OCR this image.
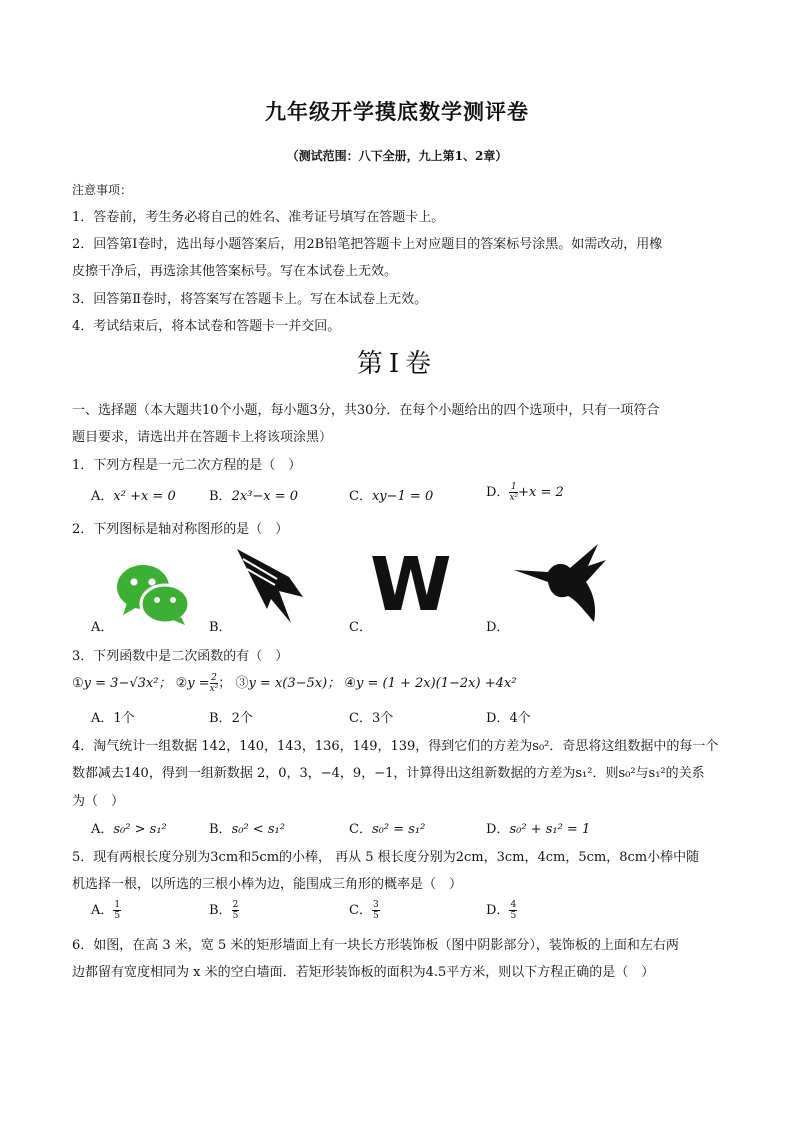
九年级开学摸底数学测评卷
（测试范围：八下全册，九上第1、2章）
注意事项：
1．答卷前，考生务必将自己的姓名、准考证号填写在答题卡上。
2．回答第Ⅰ卷时，选出每小题答案后，用2B铅笔把答题卡上对应题目的答案标号涂黑。如需改动，用橡
皮擦干净后，再选涂其他答案标号。写在本试卷上无效。
3．回答第Ⅱ卷时，将答案写在答题卡上。写在本试卷上无效。
4．考试结束后，将本试卷和答题卡一并交回。
第Ⅰ卷
一、选择题（本大题共10个小题，每小题3分，共30分．在每个小题给出的四个选项中，只有一项符合
题目要求，请选出并在答题卡上将该项涂黑）
1．下列方程是一元二次方程的是（　）
A．x² +x = 0	B．2x³−x = 0	C．xy−1 = 0	D． $\frac{1}{\text{x²}} +x = 2$
2．下列图标是轴对称图形的是（　）
W
A．	B．	C．	D．
3．下列函数中是二次函数的有（　）
①y = 3−√3x²； ②y = $\frac{2}{\text{x²}}$ ； ③y = x(3−5x)； ④y = (1 + 2x)(1−2x) +4x²
A．1个	B．2个	C．3个	D．4个
4．淘气统计一组数据 142，140，143，136，149，139，得到它们的方差为s₀²．奇思将这组数据中的每一个
数都减去140，得到一组新数据 2，0，3，−4，9，−1，计算得出这组新数据的方差为s₁²．则s₀²与s₁²的关系
为（　）
A．s₀² > s₁²	B．s₀² < s₁²	C．s₀² = s₁²	D．s₀² + s₁² = 1
5．现有两根长度分别为3cm和5cm的小棒， 再从 5 根长度分别为2cm，3cm，4cm，5cm，8cm小棒中随
机选择一根，以所选的三根小棒为边，能围成三角形的概率是（　）
A． $\frac{1}{5}$	B． $\frac{2}{5}$	C． $\frac{3}{5}$	D． $\frac{4}{5}$
6．如图，在高 3 米，宽 5 米的矩形墙面上有一块长方形装饰板（图中阴影部分），装饰板的上面和左右两
边都留有宽度相同为 x 米的空白墙面．若矩形装饰板的面积为4.5平方米，则以下方程正确的是（　）
